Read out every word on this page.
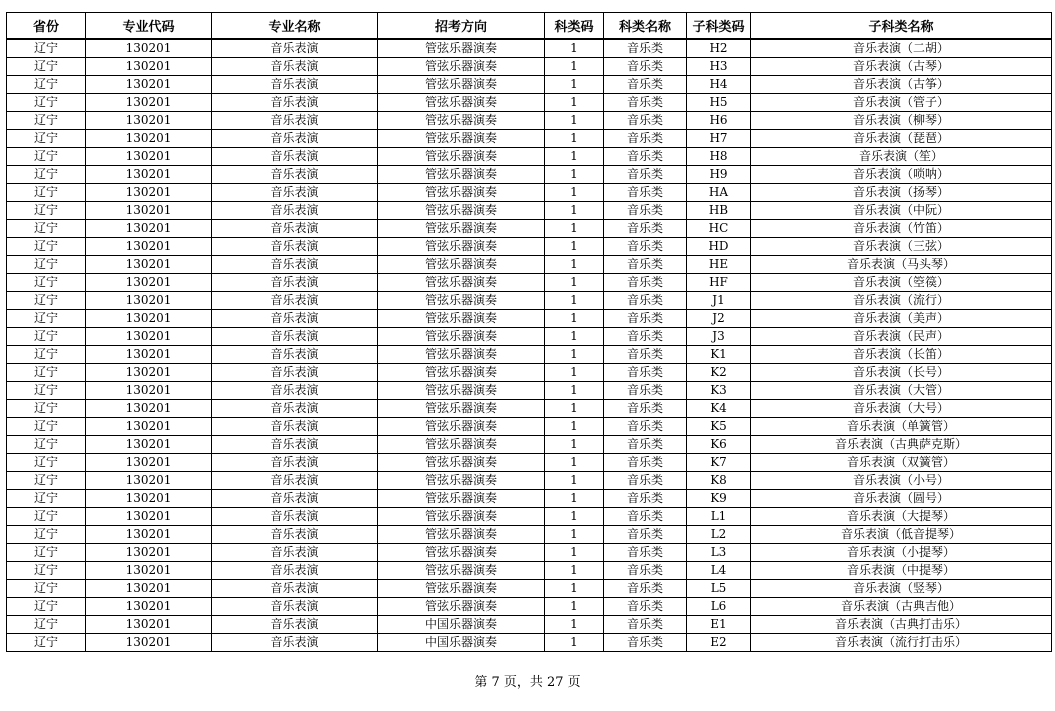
省份	专业代码	专业名称	招考方向	科类码	科类名称	子科类码	子科类名称
辽宁	130201	音乐表演	管弦乐器演奏	1	音乐类	H2	音乐表演（二胡）
辽宁	130201	音乐表演	管弦乐器演奏	1	音乐类	H3	音乐表演（古琴）
辽宁	130201	音乐表演	管弦乐器演奏	1	音乐类	H4	音乐表演（古筝）
辽宁	130201	音乐表演	管弦乐器演奏	1	音乐类	H5	音乐表演（管子）
辽宁	130201	音乐表演	管弦乐器演奏	1	音乐类	H6	音乐表演（柳琴）
辽宁	130201	音乐表演	管弦乐器演奏	1	音乐类	H7	音乐表演（琵琶）
辽宁	130201	音乐表演	管弦乐器演奏	1	音乐类	H8	音乐表演（笙）
辽宁	130201	音乐表演	管弦乐器演奏	1	音乐类	H9	音乐表演（唢呐）
辽宁	130201	音乐表演	管弦乐器演奏	1	音乐类	HA	音乐表演（扬琴）
辽宁	130201	音乐表演	管弦乐器演奏	1	音乐类	HB	音乐表演（中阮）
辽宁	130201	音乐表演	管弦乐器演奏	1	音乐类	HC	音乐表演（竹笛）
辽宁	130201	音乐表演	管弦乐器演奏	1	音乐类	HD	音乐表演（三弦）
辽宁	130201	音乐表演	管弦乐器演奏	1	音乐类	HE	音乐表演（马头琴）
辽宁	130201	音乐表演	管弦乐器演奏	1	音乐类	HF	音乐表演（箜篌）
辽宁	130201	音乐表演	管弦乐器演奏	1	音乐类	J1	音乐表演（流行）
辽宁	130201	音乐表演	管弦乐器演奏	1	音乐类	J2	音乐表演（美声）
辽宁	130201	音乐表演	管弦乐器演奏	1	音乐类	J3	音乐表演（民声）
辽宁	130201	音乐表演	管弦乐器演奏	1	音乐类	K1	音乐表演（长笛）
辽宁	130201	音乐表演	管弦乐器演奏	1	音乐类	K2	音乐表演（长号）
辽宁	130201	音乐表演	管弦乐器演奏	1	音乐类	K3	音乐表演（大管）
辽宁	130201	音乐表演	管弦乐器演奏	1	音乐类	K4	音乐表演（大号）
辽宁	130201	音乐表演	管弦乐器演奏	1	音乐类	K5	音乐表演（单簧管）
辽宁	130201	音乐表演	管弦乐器演奏	1	音乐类	K6	音乐表演（古典萨克斯）
辽宁	130201	音乐表演	管弦乐器演奏	1	音乐类	K7	音乐表演（双簧管）
辽宁	130201	音乐表演	管弦乐器演奏	1	音乐类	K8	音乐表演（小号）
辽宁	130201	音乐表演	管弦乐器演奏	1	音乐类	K9	音乐表演（圆号）
辽宁	130201	音乐表演	管弦乐器演奏	1	音乐类	L1	音乐表演（大提琴）
辽宁	130201	音乐表演	管弦乐器演奏	1	音乐类	L2	音乐表演（低音提琴）
辽宁	130201	音乐表演	管弦乐器演奏	1	音乐类	L3	音乐表演（小提琴）
辽宁	130201	音乐表演	管弦乐器演奏	1	音乐类	L4	音乐表演（中提琴）
辽宁	130201	音乐表演	管弦乐器演奏	1	音乐类	L5	音乐表演（竖琴）
辽宁	130201	音乐表演	管弦乐器演奏	1	音乐类	L6	音乐表演（古典吉他）
辽宁	130201	音乐表演	中国乐器演奏	1	音乐类	E1	音乐表演（古典打击乐）
辽宁	130201	音乐表演	中国乐器演奏	1	音乐类	E2	音乐表演（流行打击乐）
第 7 页，共 27 页
